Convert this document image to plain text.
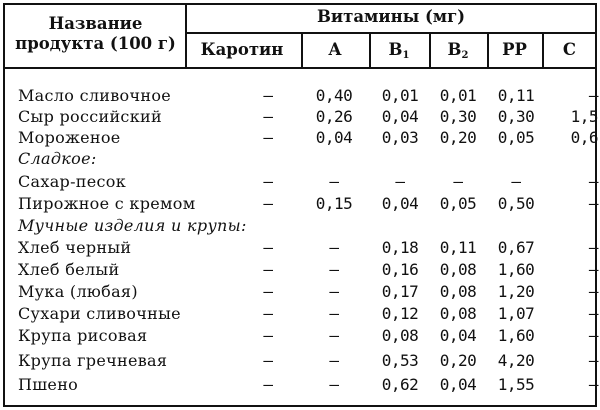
Название
продукта (100 г)
Витамины (мг)
Каротин	А	$В_1$	$В_2$	PP	С
Масло сливочное	—	0,40	0,01	0,01	0,11	—
Сыр российский	—	0,26	0,04	0,30	0,30	1,5
Мороженое	—	0,04	0,03	0,20	0,05	0,6
Сладкое:
Сахар-песок	—	—	—	—	—	—
Пирожное с кремом	—	0,15	0,04	0,05	0,50	—
Мучные изделия и крупы:
Хлеб черный	—	—	0,18	0,11	0,67	—
Хлеб белый	—	—	0,16	0,08	1,60	—
Мука (любая)	—	—	0,17	0,08	1,20	—
Сухари сливочные	—	—	0,12	0,08	1,07	—
Крупа рисовая	—	—	0,08	0,04	1,60	—
Крупа гречневая	—	—	0,53	0,20	4,20	—
Пшено	—	—	0,62	0,04	1,55	—
